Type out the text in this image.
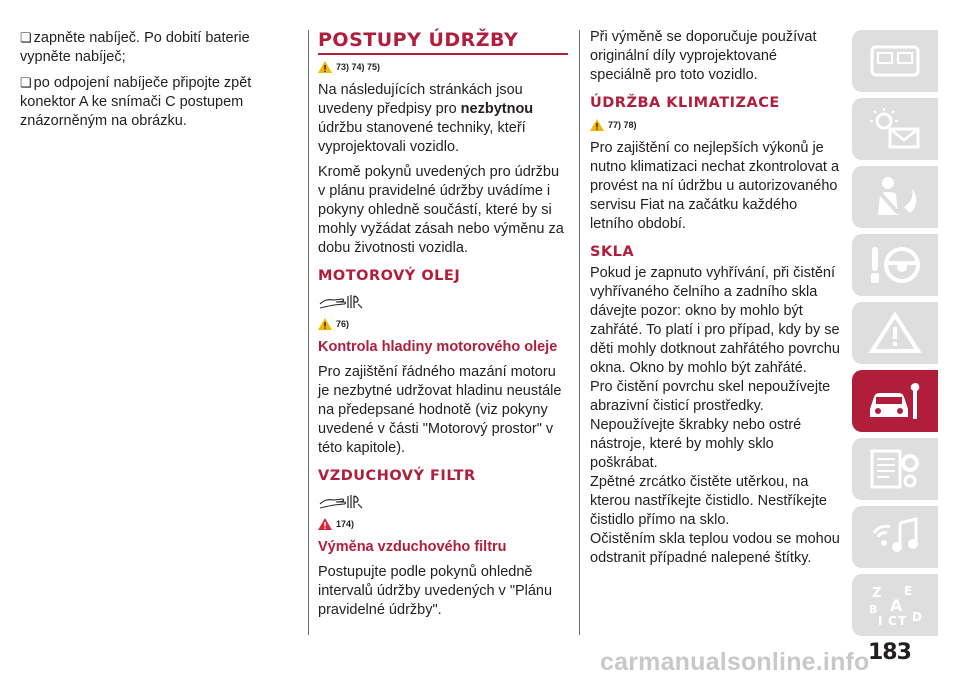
❏ zapněte nabíječ. Po dobití baterie vypněte nabíječ;

❏ po odpojení nabíječe připojte zpět konektor A ke snímači C postupem znázorněným na obrázku.

POSTUPY ÚDRŽBY
73) 74) 75)

Na následujících stránkách jsou uvedeny předpisy pro nezbytnou údržbu stanovené techniky, kteří vyprojektovali vozidlo.

Kromě pokynů uvedených pro údržbu v plánu pravidelné údržby uvádíme i pokyny ohledně součástí, které by si mohly vyžádat zásah nebo výměnu za dobu životnosti vozidla.

MOTOROVÝ OLEJ
76)
Kontrola hladiny motorového oleje

Pro zajištění řádného mazání motoru je nezbytné udržovat hladinu neustále na předepsané hodnotě (viz pokyny uvedené v části "Motorový prostor" v této kapitole).

VZDUCHOVÝ FILTR
174)
Výměna vzduchového filtru

Postupujte podle pokynů ohledně intervalů údržby uvedených v "Plánu pravidelné údržby".

Při výměně se doporučuje používat originální díly vyprojektované speciálně pro toto vozidlo.

ÚDRŽBA KLIMATIZACE
77) 78)

Pro zajištění co nejlepších výkonů je nutno klimatizaci nechat zkontrolovat a provést na ní údržbu u autorizovaného servisu Fiat na začátku každého letního období.

SKLA

Pokud je zapnuto vyhřívání, při čistění vyhřívaného čelního a zadního skla dávejte pozor: okno by mohlo být zahřáté. To platí i pro případ, kdy by se děti mohly dotknout zahřátého povrchu okna. Okno by mohlo být zahřáté.

Pro čistění povrchu skel nepoužívejte abrazivní čisticí prostředky.

Nepoužívejte škrabky nebo ostré nástroje, které by mohly sklo poškrábat.

Zpětné zrcátko čistěte utěrkou, na kterou nastříkejte čistidlo. Nestříkejte čistidlo přímo na sklo.

Očistěním skla teplou vodou se mohou odstranit případné nalepené štítky.

Z E
B A
I C T D
carmanualsonline.info
183
